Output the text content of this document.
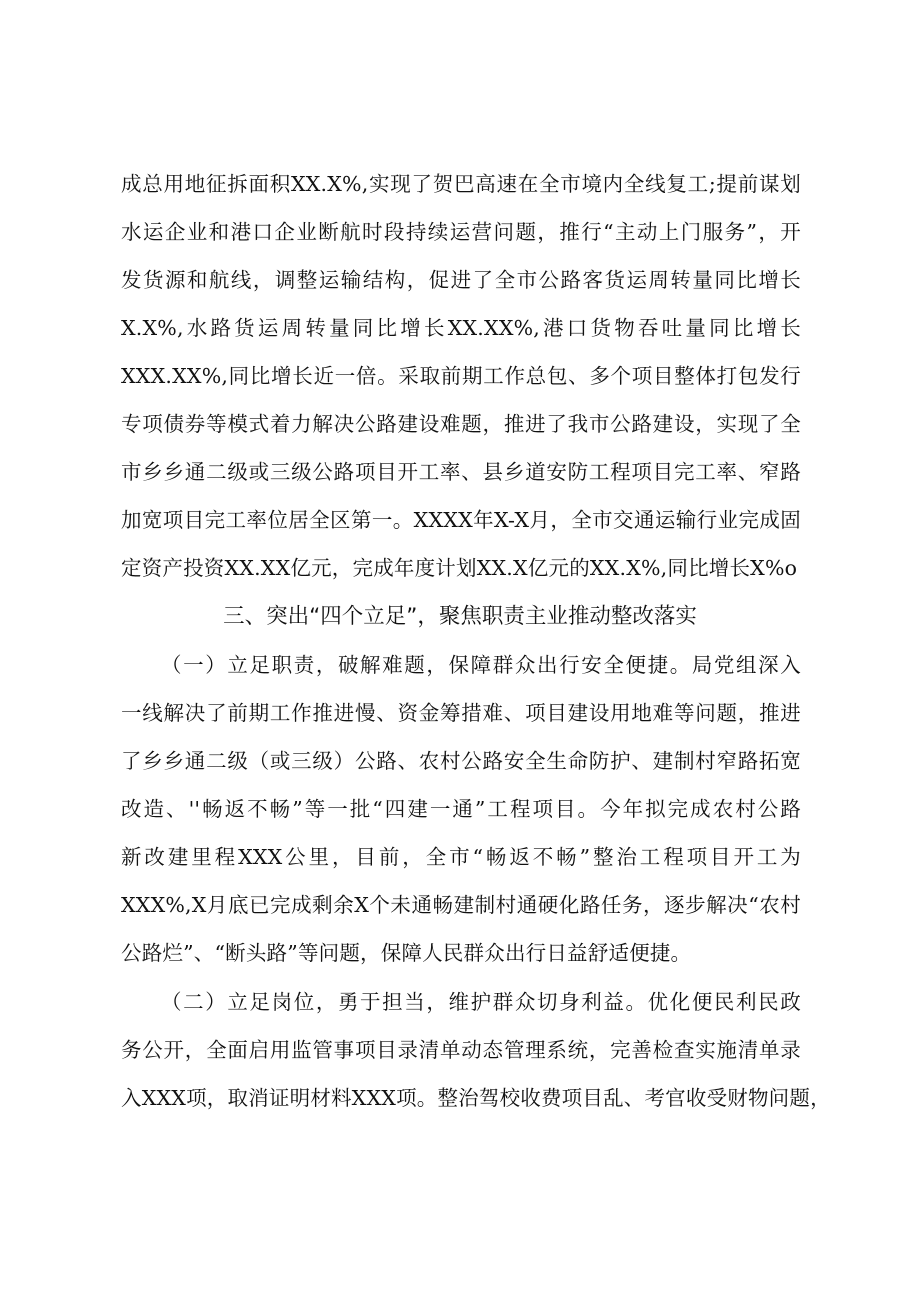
成总用地征拆面积XX.X%,实现了贺巴高速在全市境内全线复工;提前谋划
水运企业和港口企业断航时段持续运营问题，推行“主动上门服务”，开
发货源和航线，调整运输结构，促进了全市公路客货运周转量同比增长
X.X%,水路货运周转量同比增长XX.XX%,港口货物吞吐量同比增长
XXX.XX%,同比增长近一倍。采取前期工作总包、多个项目整体打包发行
专项债券等模式着力解决公路建设难题，推进了我市公路建设，实现了全
市乡乡通二级或三级公路项目开工率、县乡道安防工程项目完工率、窄路
加宽项目完工率位居全区第一。XXXX年X-X月，全市交通运输行业完成固
定资产投资XX.XX亿元，完成年度计划XX.X亿元的XX.X%,同比增长X%o
三、突出“四个立足”，聚焦职责主业推动整改落实
（一）立足职责，破解难题，保障群众出行安全便捷。局党组深入
一线解决了前期工作推进慢、资金筹措难、项目建设用地难等问题，推进
了乡乡通二级（或三级）公路、农村公路安全生命防护、建制村窄路拓宽
改造、''畅返不畅”等一批“四建一通”工程项目。今年拟完成农村公路
新改建里程XXX公里，目前，全市“畅返不畅”整治工程项目开工为
XXX%,X月底已完成剩余X个未通畅建制村通硬化路任务，逐步解决“农村
公路烂”、“断头路”等问题，保障人民群众出行日益舒适便捷。
（二）立足岗位，勇于担当，维护群众切身利益。优化便民利民政
务公开，全面启用监管事项目录清单动态管理系统，完善检查实施清单录
入XXX项，取消证明材料XXX项。整治驾校收费项目乱、考官收受财物问题，
